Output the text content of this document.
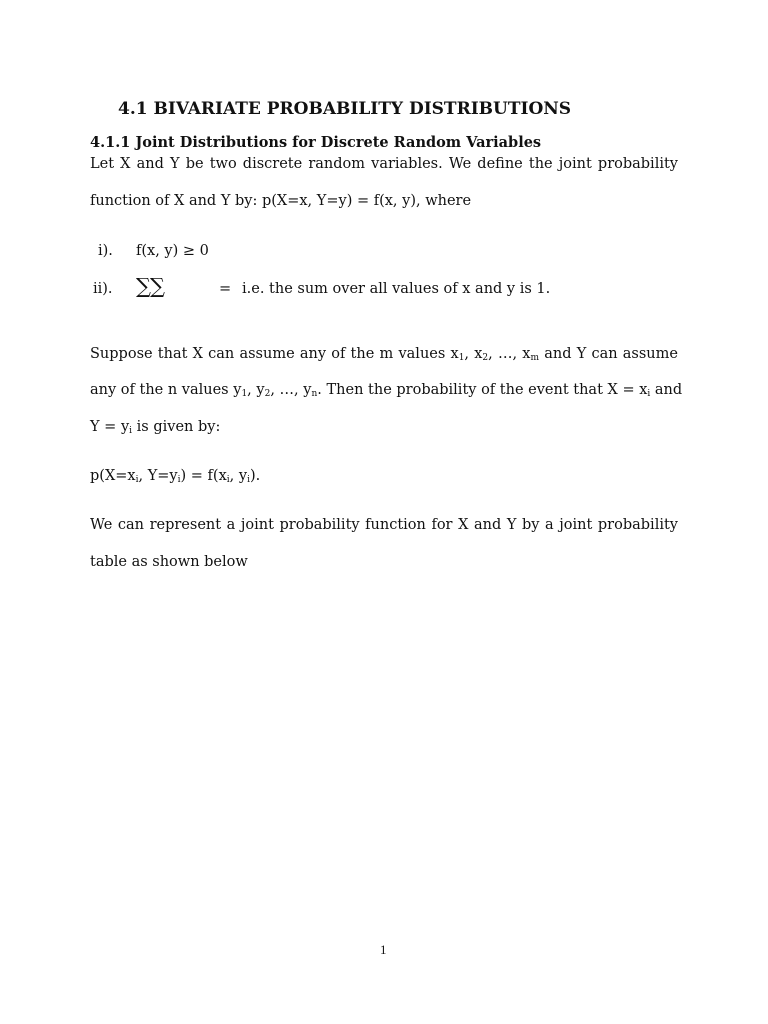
4.1 BIVARIATE PROBABILITY DISTRIBUTIONS
4.1.1 Joint Distributions for Discrete Random Variables
Let X and Y be two discrete random variables. We define the joint probability
function of X and Y by: p(X=x, Y=y) = f(x, y), where
i). f(x, y) ≥ 0
ii). ∑∑	= i.e. the sum over all values of x and y is 1.
Suppose that X can assume any of the m values $x_1$, $x_2$, …, $x_m$ and Y can assume
any of the n values $y_1$, $y_2$, …, $y_n$. Then the probability of the event that $X = x_i$ and
$Y = y_i$ is given by:
$p(X=x_i$, $Y=y_i) = f(x_i$, $y_i$).
We can represent a joint probability function for X and Y by a joint probability
table as shown below
1
